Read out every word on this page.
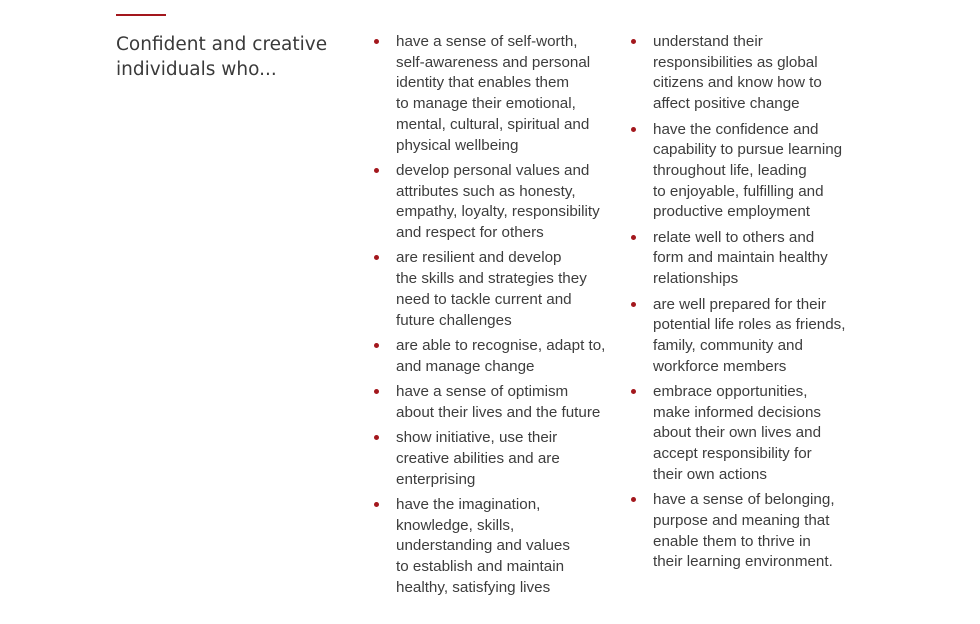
Confident and creative
individuals who...
have a sense of self-worth,
self-awareness and personal
identity that enables them
to manage their emotional,
mental, cultural, spiritual and
physical wellbeing
develop personal values and
attributes such as honesty,
empathy, loyalty, responsibility
and respect for others
are resilient and develop
the skills and strategies they
need to tackle current and
future challenges
are able to recognise, adapt to,
and manage change
have a sense of optimism
about their lives and the future
show initiative, use their
creative abilities and are
enterprising
have the imagination,
knowledge, skills,
understanding and values
to establish and maintain
healthy, satisfying lives
understand their
responsibilities as global
citizens and know how to
affect positive change
have the confidence and
capability to pursue learning
throughout life, leading
to enjoyable, fulfilling and
productive employment
relate well to others and
form and maintain healthy
relationships
are well prepared for their
potential life roles as friends,
family, community and
workforce members
embrace opportunities,
make informed decisions
about their own lives and
accept responsibility for
their own actions
have a sense of belonging,
purpose and meaning that
enable them to thrive in
their learning environment.
